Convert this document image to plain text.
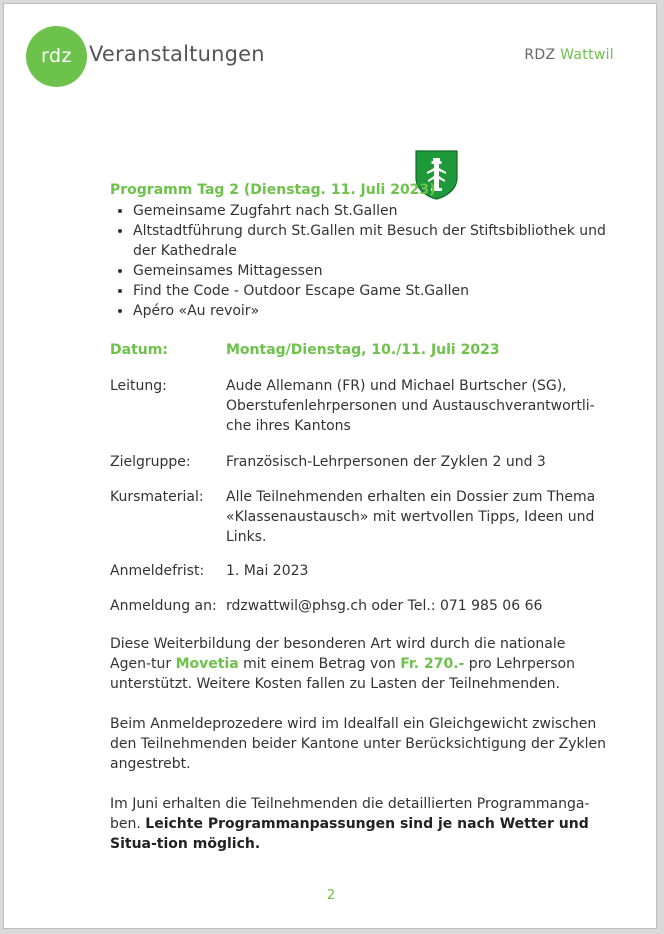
rdz Veranstaltungen	RDZ Wattwil
Programm Tag 2 (Dienstag. 11. Juli 2023)
• Gemeinsame Zugfahrt nach St.Gallen
• Altstadtführung durch St.Gallen mit Besuch der Stiftsbibliothek und der Kathedrale
• Gemeinsames Mittagessen
• Find the Code - Outdoor Escape Game St.Gallen
• Apéro «Au revoir»
Datum:	Montag/Dienstag, 10./11. Juli 2023
Leitung:	Aude Allemann (FR) und Michael Burtscher (SG), Oberstufenlehrpersonen und Austauschverantwortli-che ihres Kantons
Zielgruppe:	Französisch-Lehrpersonen der Zyklen 2 und 3
Kursmaterial:	Alle Teilnehmenden erhalten ein Dossier zum Thema «Klassenaustausch» mit wertvollen Tipps, Ideen und Links.
Anmeldefrist:	1. Mai 2023
Anmeldung an: rdzwattwil@phsg.ch oder Tel.: 071 985 06 66
Diese Weiterbildung der besonderen Art wird durch die nationale Agen-tur Movetia mit einem Betrag von Fr. 270.- pro Lehrperson unterstützt. Weitere Kosten fallen zu Lasten der Teilnehmenden.
Beim Anmeldeprozedere wird im Idealfall ein Gleichgewicht zwischen den Teilnehmenden beider Kantone unter Berücksichtigung der Zyklen angestrebt.
Im Juni erhalten die Teilnehmenden die detaillierten Programmanga-ben. Leichte Programmanpassungen sind je nach Wetter und Situa-tion möglich.
2
